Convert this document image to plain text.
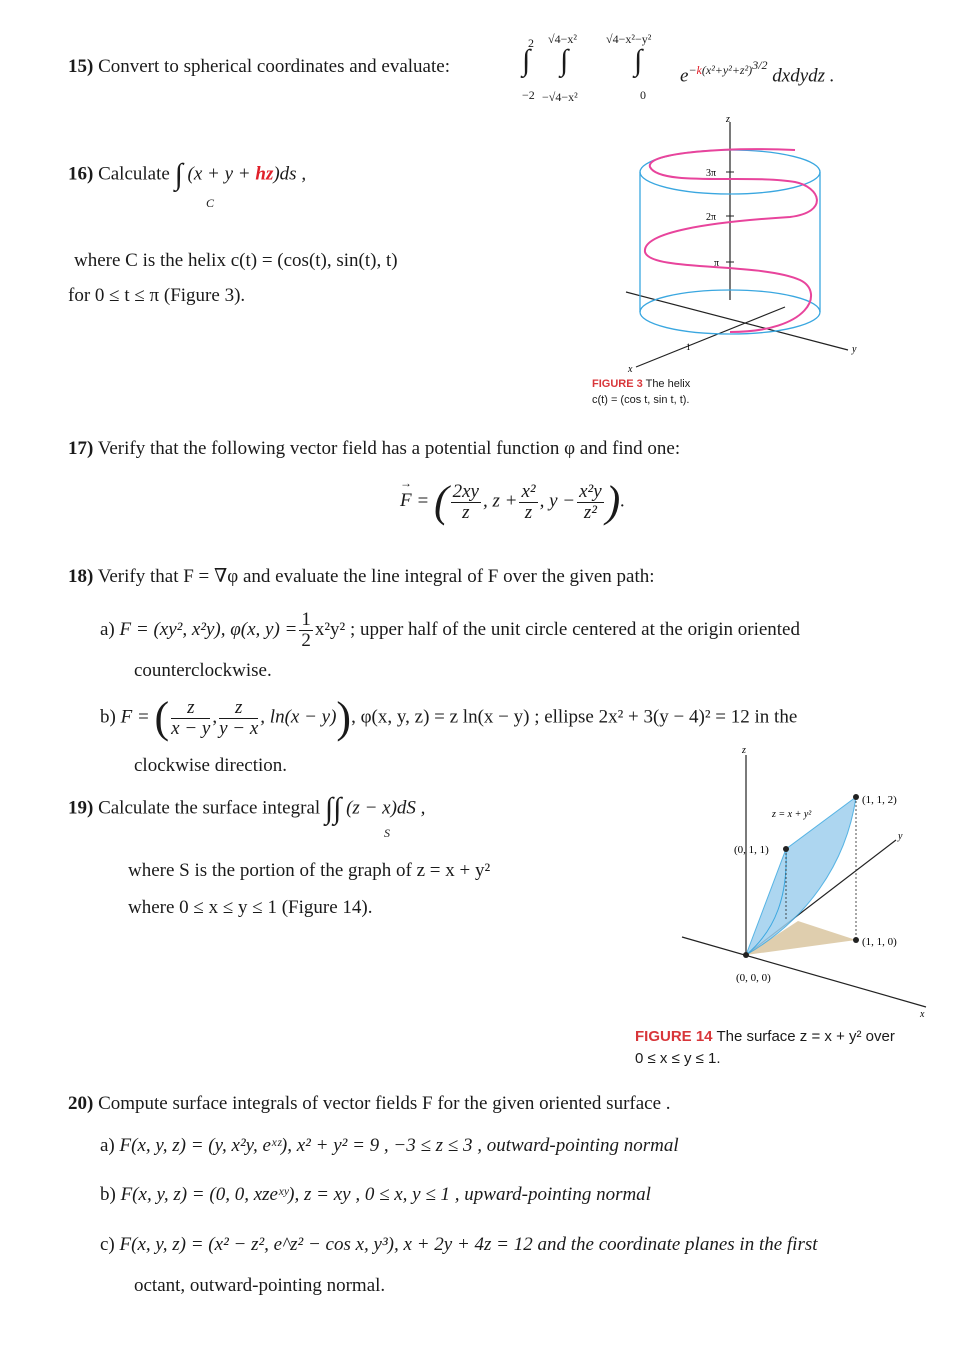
15) Convert to spherical coordinates and evaluate: ∫
2
−2
∫
√4−x²
−√4−x²
∫
√4−x²−y²
0
$e^{-k(x^2+y^2+z^2)^{3/2}}$ dxdydz .
16) Calculate ∫ (x + y + hz)ds ,
C
where C is the helix c(t) = (cos(t), sin(t), t)
for 0 ≤ t ≤ π (Figure 3).
z
y
x
1
3π
2π
π
FIGURE 3 The helix
c(t) = (cos t, sin t, t).
17) Verify that the following vector field has a potential function φ and find one:
→ F = ( $\frac{2xy}{z}$ , $z + \frac{\text{x²}}{z}$ , $y - \frac{\text{x²y}}{\text{z²}}$ ).
18) Verify that F = ∇φ and evaluate the line integral of F over the given path:
a) F = (xy², x²y), φ(x, $y) = \frac{1}{2} x^2y^2$ ; upper half of the unit circle centered at the origin oriented
counterclockwise.
b) F = ( $\frac{z}{x - y}$ , $\frac{z}{y - x}$ , ln(x − y)), φ(x, y, z) = z ln(x − y) ; ellipse 2x² + 3(y − 4)² = 12 in the
clockwise direction.
19) Calculate the surface integral ∫∫ (z − x)dS ,
S
where S is the portion of the graph of z = x + y²
where 0 ≤ x ≤ y ≤ 1 (Figure 14).
z
y
x
z = x + y²
(1, 1, 2)
(0, 1, 1)
(1, 1, 0)
(0, 0, 0)
FIGURE 14 The surface z = x + y² over
0 ≤ x ≤ y ≤ 1.
20) Compute surface integrals of vector fields F for the given oriented surface .
a) F(x, y, z) = (y, x²y, eˣᶻ), x² + y² = 9 , −3 ≤ z ≤ 3 , outward-pointing normal
b) F(x, y, z) = (0, 0, xzeˣʸ), z = xy , 0 ≤ x, y ≤ 1 , upward-pointing normal
c) F(x, y, z) = (x² − z², e^z² − cos x, y³), x + 2y + 4z = 12 and the coordinate planes in the first
octant, outward-pointing normal.
